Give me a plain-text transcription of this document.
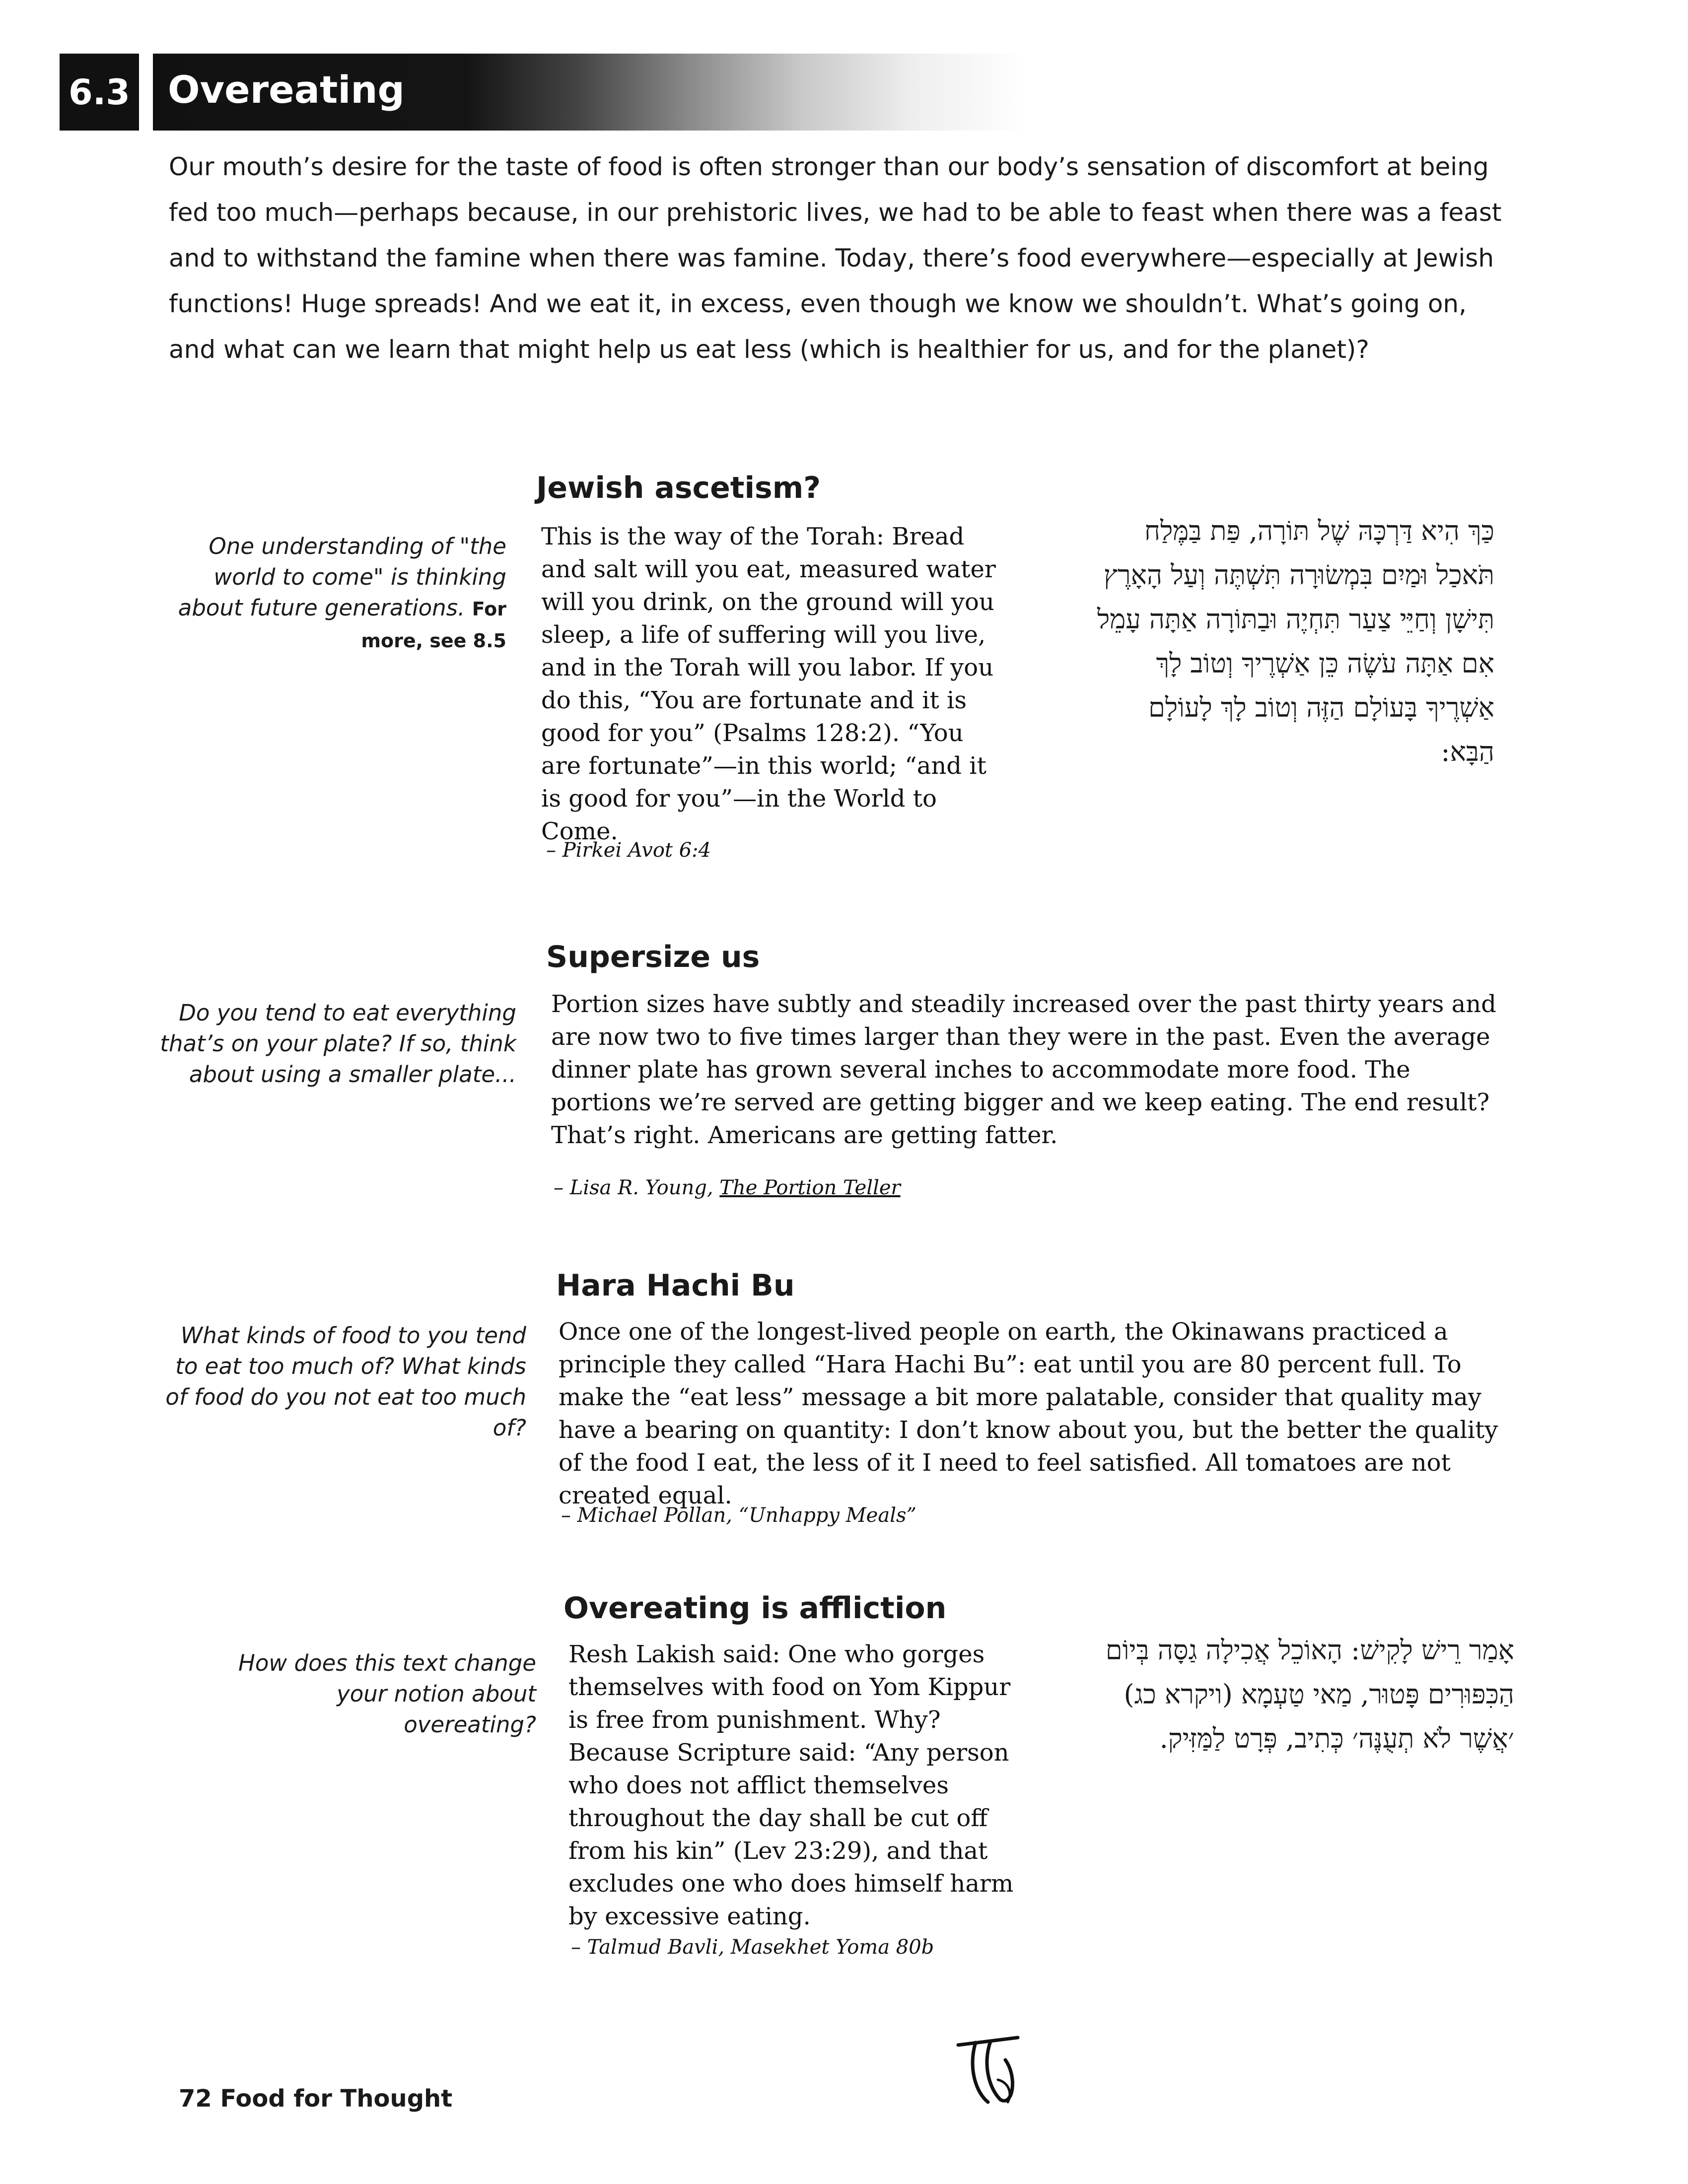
6.3 Overeating

Our mouth’s desire for the taste of food is often stronger than our body’s sensation of discomfort at being fed too much—perhaps because, in our prehistoric lives, we had to be able to feast when there was a feast and to withstand the famine when there was famine. Today, there’s food everywhere—especially at Jewish functions! Huge spreads! And we eat it, in excess, even though we know we shouldn’t. What’s going on, and what can we learn that might help us eat less (which is healthier for us, and for the planet)?

Jewish ascetism?

One understanding of "the world to come" is thinking about future generations. For more, see 8.5

This is the way of the Torah: Bread and salt will you eat, measured water will you drink, on the ground will you sleep, a life of suffering will you live, and in the Torah will you labor. If you do this, “You are fortunate and it is good for you” (Psalms 128:2). “You are fortunate”—in this world; “and it is good for you”—in the World to Come.

– Pirkei Avot 6:4

כַּךְ הִיא דַּרְכָּהּ שֶׁל תּוֹרָה, פַּת בַּמֶּלַח תֹּאכַל וּמַיִם בִּמְשׂוּרָה תִּשְׁתֶּה וְעַל הָאָרֶץ תִּישָׁן וְחַיֵּי צַעַר תִּחְיֶה וּבַתּוֹרָה אַתָּה עָמֵל אִם אַתָּה עֹשֶׂה כֵּן אַשְׁרֶיךָ וְטוֹב לָךְ אַשְׁרֶיךָ בָּעוֹלָם הַזֶּה וְטוֹב לָךְ לָעוֹלָם הַבָּא:

Supersize us

Do you tend to eat everything that’s on your plate? If so, think about using a smaller plate...

Portion sizes have subtly and steadily increased over the past thirty years and are now two to five times larger than they were in the past. Even the average dinner plate has grown several inches to accommodate more food. The portions we’re served are getting bigger and we keep eating. The end result? That’s right. Americans are getting fatter.

– Lisa R. Young, The Portion Teller

Hara Hachi Bu

What kinds of food to you tend to eat too much of? What kinds of food do you not eat too much of?

Once one of the longest-lived people on earth, the Okinawans practiced a principle they called “Hara Hachi Bu”: eat until you are 80 percent full. To make the “eat less” message a bit more palatable, consider that quality may have a bearing on quantity: I don’t know about you, but the better the quality of the food I eat, the less of it I need to feel satisfied. All tomatoes are not created equal.

– Michael Pollan, “Unhappy Meals”

Overeating is affliction

How does this text change your notion about overeating?

Resh Lakish said: One who gorges themselves with food on Yom Kippur is free from punishment. Why? Because Scripture said: “Any person who does not afflict themselves throughout the day shall be cut off from his kin” (Lev 23:29), and that excludes one who does himself harm by excessive eating.

– Talmud Bavli, Masekhet Yoma 80b

אָמַר רֵישׁ לָקִישׁ: הָאוֹכֵל אֲכִילָה גַסָּה בְּיוֹם הַכִּפּוּרִים פָּטוּר, מַאי טַעְמָא (ויקרא כג) ׳אֲשֶׁר לֹא תְעֻנֶּה׳ כְּתִיב, פְּרָט לַמַּזִּיק.

72 Food for Thought
